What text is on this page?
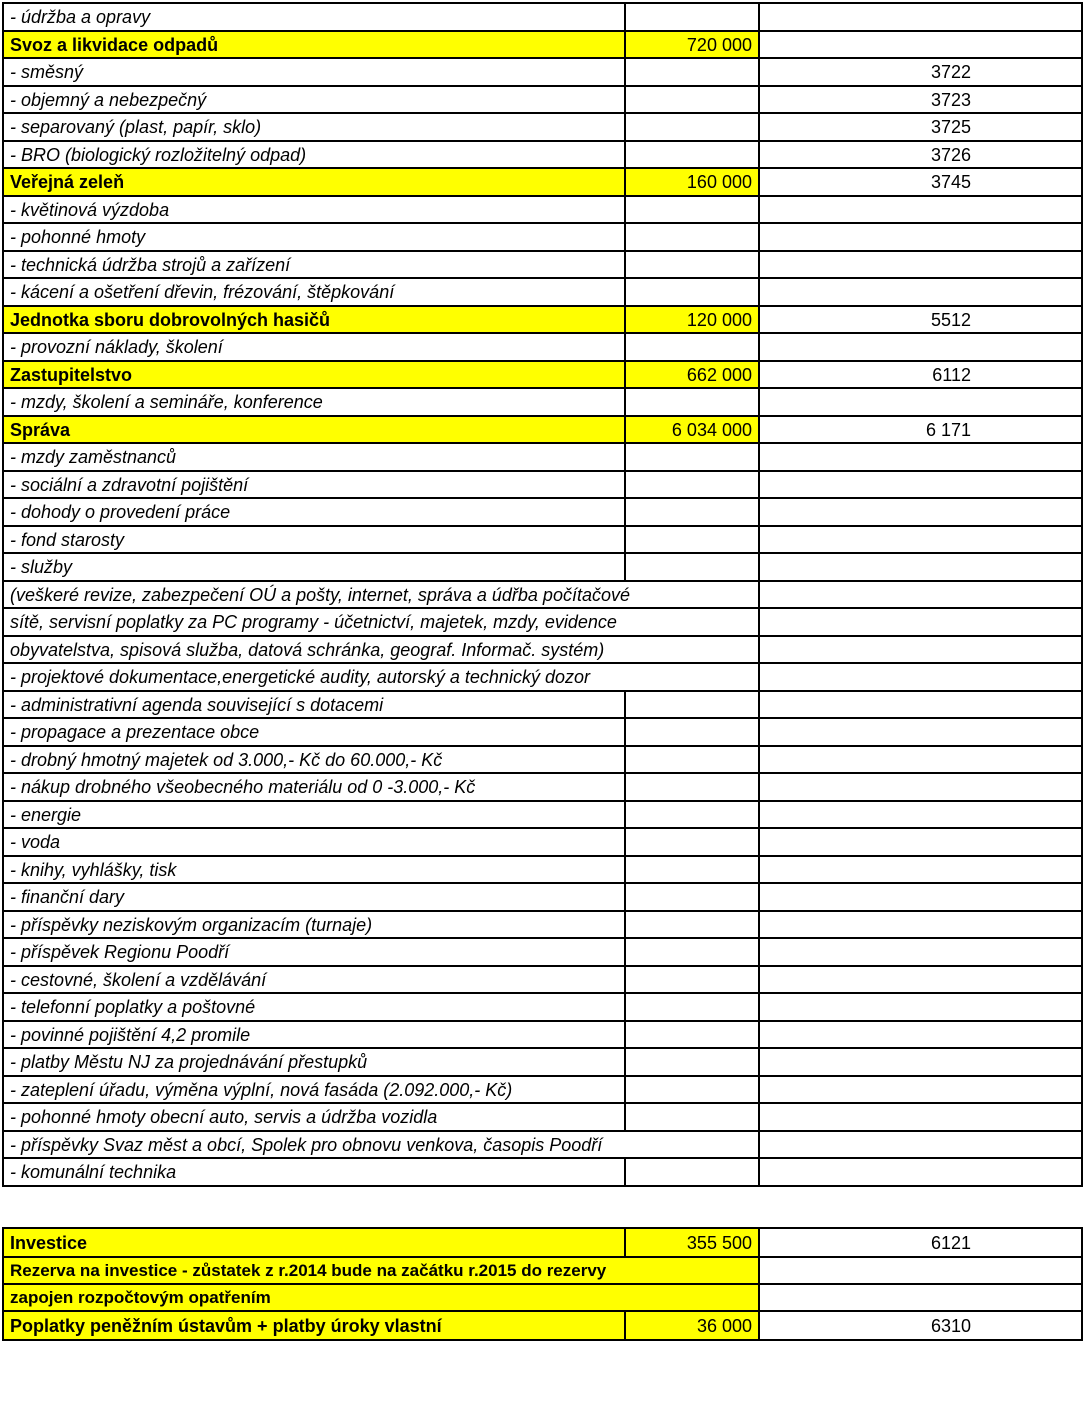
- údržba a opravy		
Svoz a likvidace odpadů	720 000	
- směsný		3722
- objemný a nebezpečný		3723
- separovaný (plast, papír, sklo)		3725
- BRO (biologický rozložitelný odpad)		3726
Veřejná zeleň	160 000	3745
- květinová výzdoba		
- pohonné hmoty		
- technická údržba strojů a zařízení		
- kácení a ošetření dřevin, frézování, štěpkování		
Jednotka sboru dobrovolných hasičů	120 000	5512
- provozní náklady, školení		
Zastupitelstvo	662 000	6112
- mzdy, školení a semináře, konference		
Správa	6 034 000	6 171
- mzdy zaměstnanců		
- sociální a zdravotní pojištění		
- dohody o provedení práce		
- fond starosty		
- služby		
(veškeré revize, zabezpečení OÚ a pošty, internet, správa a údřba počítačové		
sítě, servisní poplatky za PC programy - účetnictví, majetek, mzdy, evidence		
obyvatelstva, spisová služba, datová schránka, geograf. Informač. systém)		
- projektové dokumentace,energetické audity, autorský a technický dozor		
- administrativní agenda související s dotacemi		
- propagace a prezentace obce		
- drobný hmotný majetek od 3.000,- Kč do 60.000,- Kč		
- nákup drobného všeobecného materiálu od 0 -3.000,- Kč		
- energie		
- voda		
- knihy, vyhlášky, tisk		
- finanční dary		
- příspěvky neziskovým organizacím (turnaje)		
- příspěvek Regionu Poodří		
- cestovné, školení a vzdělávání		
- telefonní poplatky a poštovné		
- povinné pojištění 4,2 promile		
- platby Městu NJ za projednávání přestupků		
- zateplení úřadu, výměna výplní, nová fasáda (2.092.000,- Kč)		
- pohonné hmoty obecní auto, servis a údržba vozidla		
- příspěvky Svaz měst a obcí, Spolek pro obnovu venkova, časopis Poodří		
- komunální technika		
Investice	355 500	6121
Rezerva na investice - zůstatek z r.2014 bude na začátku r.2015 do rezervy		
zapojen rozpočtovým opatřením		
Poplatky peněžním ústavům + platby úroky vlastní	36 000	6310
